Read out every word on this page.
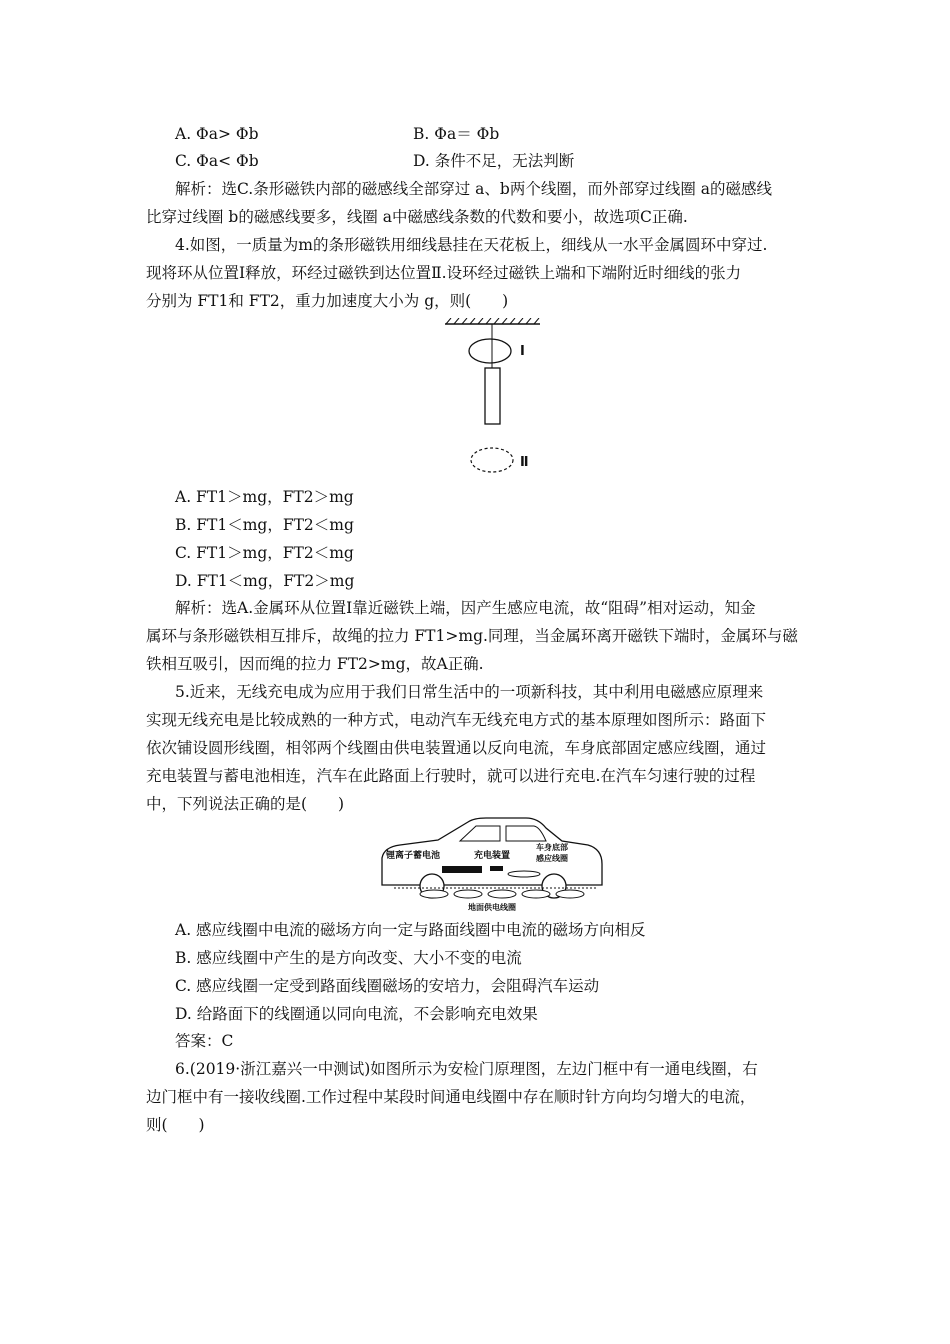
A. Φa> Φb	B. Φa＝ Φb
C. Φa< Φb	D. 条件不足，无法判断
解析：选C.条形磁铁内部的磁感线全部穿过 a、b两个线圈，而外部穿过线圈 a的磁感线
比穿过线圈 b的磁感线要多，线圈 a中磁感线条数的代数和要小，故选项C正确.
4.如图，一质量为m的条形磁铁用细线悬挂在天花板上，细线从一水平金属圆环中穿过.
现将环从位置Ⅰ释放，环经过磁铁到达位置Ⅱ.设环经过磁铁上端和下端附近时细线的张力
分别为 FT1和 FT2，重力加速度大小为 g，则(　　)
Ⅰ
Ⅱ
A. FT1＞mg，FT2＞mg
B. FT1＜mg，FT2＜mg
C. FT1＞mg，FT2＜mg
D. FT1＜mg，FT2＞mg
解析：选A.金属环从位置Ⅰ靠近磁铁上端，因产生感应电流，故“阻碍”相对运动，知金
属环与条形磁铁相互排斥，故绳的拉力 FT1>mg.同理，当金属环离开磁铁下端时，金属环与磁
铁相互吸引，因而绳的拉力 FT2>mg，故A正确.
5.近来，无线充电成为应用于我们日常生活中的一项新科技，其中利用电磁感应原理来
实现无线充电是比较成熟的一种方式，电动汽车无线充电方式的基本原理如图所示：路面下
依次铺设圆形线圈，相邻两个线圈由供电装置通以反向电流，车身底部固定感应线圈，通过
充电装置与蓄电池相连，汽车在此路面上行驶时，就可以进行充电.在汽车匀速行驶的过程
中，下列说法正确的是(　　)
锂离子蓄电池	充电装置
车身底部
感应线圈
地面供电线圈
A. 感应线圈中电流的磁场方向一定与路面线圈中电流的磁场方向相反
B. 感应线圈中产生的是方向改变、大小不变的电流
C. 感应线圈一定受到路面线圈磁场的安培力，会阻碍汽车运动
D. 给路面下的线圈通以同向电流，不会影响充电效果
答案：C
6.(2019·浙江嘉兴一中测试)如图所示为安检门原理图，左边门框中有一通电线圈，右
边门框中有一接收线圈.工作过程中某段时间通电线圈中存在顺时针方向均匀增大的电流，
则(　　)
